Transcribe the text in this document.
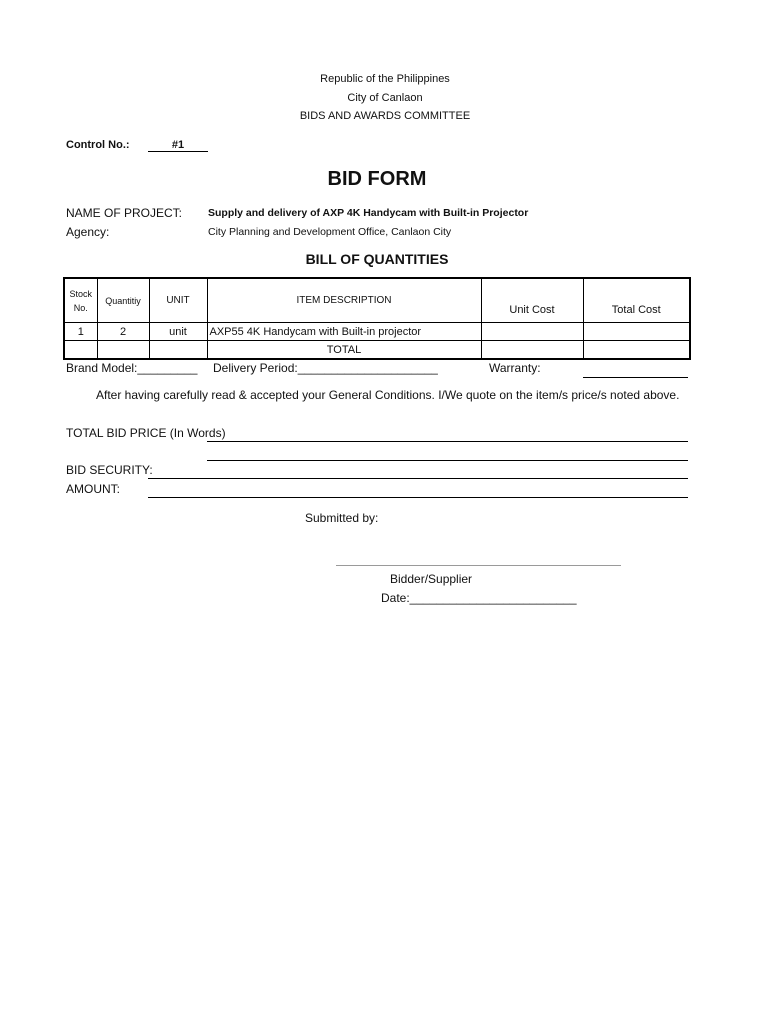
Republic of the Philippines
City of Canlaon
BIDS AND AWARDS COMMITTEE
Control No.:	#1
BID FORM
NAME OF PROJECT: Supply and delivery of AXP 4K Handycam with Built-in Projector
Agency:	City Planning and Development Office, Canlaon City
BILL OF QUANTITIES
Stock No.	Quantitiy	UNIT	ITEM DESCRIPTION	Unit Cost	Total Cost

1	2	unit	AXP55 4K Handycam with Built-in projector		
			TOTAL		
Brand Model:_________ Delivery Period:_____________________	Warranty:
After having carefully read & accepted your General Conditions. I/We quote on the item/s price/s noted above.
TOTAL BID PRICE (In Words)
BID SECURITY:
AMOUNT:
Submitted by:
Bidder/Supplier
Date:_________________________
